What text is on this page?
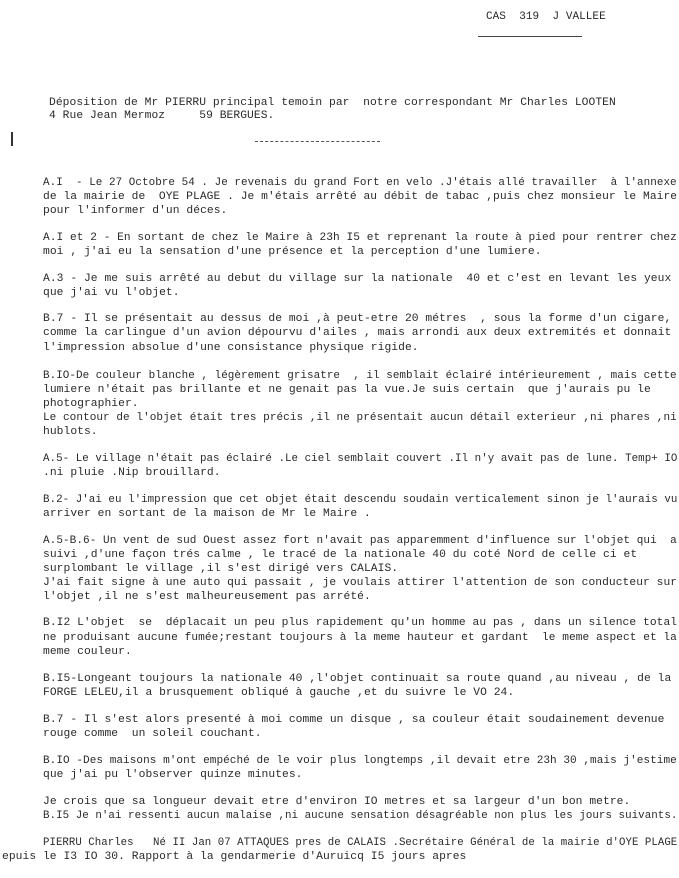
CAS  319  J VALLEE
Déposition de Mr PIERRU principal temoin par  notre correspondant Mr Charles LOOTEN
4 Rue Jean Mermoz     59 BERGUES.
A.I  - Le 27 Octobre 54 . Je revenais du grand Fort en velo .J'étais allé travailler  à l'annexe
de la mairie de  OYE PLAGE . Je m'étais arrêté au débit de tabac ,puis chez monsieur le Maire
pour l'informer d'un déces.
A.I et 2 - En sortant de chez le Maire à 23h I5 et reprenant la route à pied pour rentrer chez
moi , j'ai eu la sensation d'une présence et la perception d'une lumiere.
A.3 - Je me suis arrêté au debut du village sur la nationale  40 et c'est en levant les yeux
que j'ai vu l'objet.
B.7 - Il se présentait au dessus de moi ,à peut-etre 20 métres  , sous la forme d'un cigare,
comme la carlingue d'un avion dépourvu d'ailes , mais arrondi aux deux extremités et donnait
l'impression absolue d'une consistance physique rigide.
B.IO-De couleur blanche , légèrement grisatre  , il semblait éclairé intérieurement , mais cette
lumiere n'était pas brillante et ne genait pas la vue.Je suis certain  que j'aurais pu le
photographier.
Le contour de l'objet était tres précis ,il ne présentait aucun détail exterieur ,ni phares ,ni
hublots.
A.5- Le village n'était pas éclairé .Le ciel semblait couvert .Il n'y avait pas de lune. Temp+ IO
.ni pluie .Nip brouillard.
B.2- J'ai eu l'impression que cet objet était descendu soudain verticalement sinon je l'aurais vu
arriver en sortant de la maison de Mr le Maire .
A.5-B.6- Un vent de sud Ouest assez fort n'avait pas apparemment d'influence sur l'objet qui  a
suivi ,d'une façon trés calme , le tracé de la nationale 40 du coté Nord de celle ci et
surplombant le village ,il s'est dirigé vers CALAIS.
J'ai fait signe à une auto qui passait , je voulais attirer l'attention de son conducteur sur
l'objet ,il ne s'est malheureusement pas arrété.
B.I2 L'objet  se  déplacait un peu plus rapidement qu'un homme au pas , dans un silence total
ne produisant aucune fumée;restant toujours à la meme hauteur et gardant  le meme aspect et la
meme couleur.
B.I5-Longeant toujours la nationale 40 ,l'objet continuait sa route quand ,au niveau , de la
FORGE LELEU,il a brusquement obliqué à gauche ,et du suivre le VO 24.
B.7 - Il s'est alors presenté à moi comme un disque , sa couleur était soudainement devenue
rouge comme  un soleil couchant.
B.IO -Des maisons m'ont empéché de le voir plus longtemps ,il devait etre 23h 30 ,mais j'estime
que j'ai pu l'observer quinze minutes.
Je crois que sa longueur devait etre d'environ IO metres et sa largeur d'un bon metre.
B.I5 Je n'ai ressenti aucun malaise ,ni aucune sensation désagréable non plus les jours suivants.
PIERRU Charles   Né II Jan 07 ATTAQUES pres de CALAIS .Secrétaire Général de la mairie d'OYE PLAGE
epuis le I3 IO 30. Rapport à la gendarmerie d'Auruicq I5 jours apres
